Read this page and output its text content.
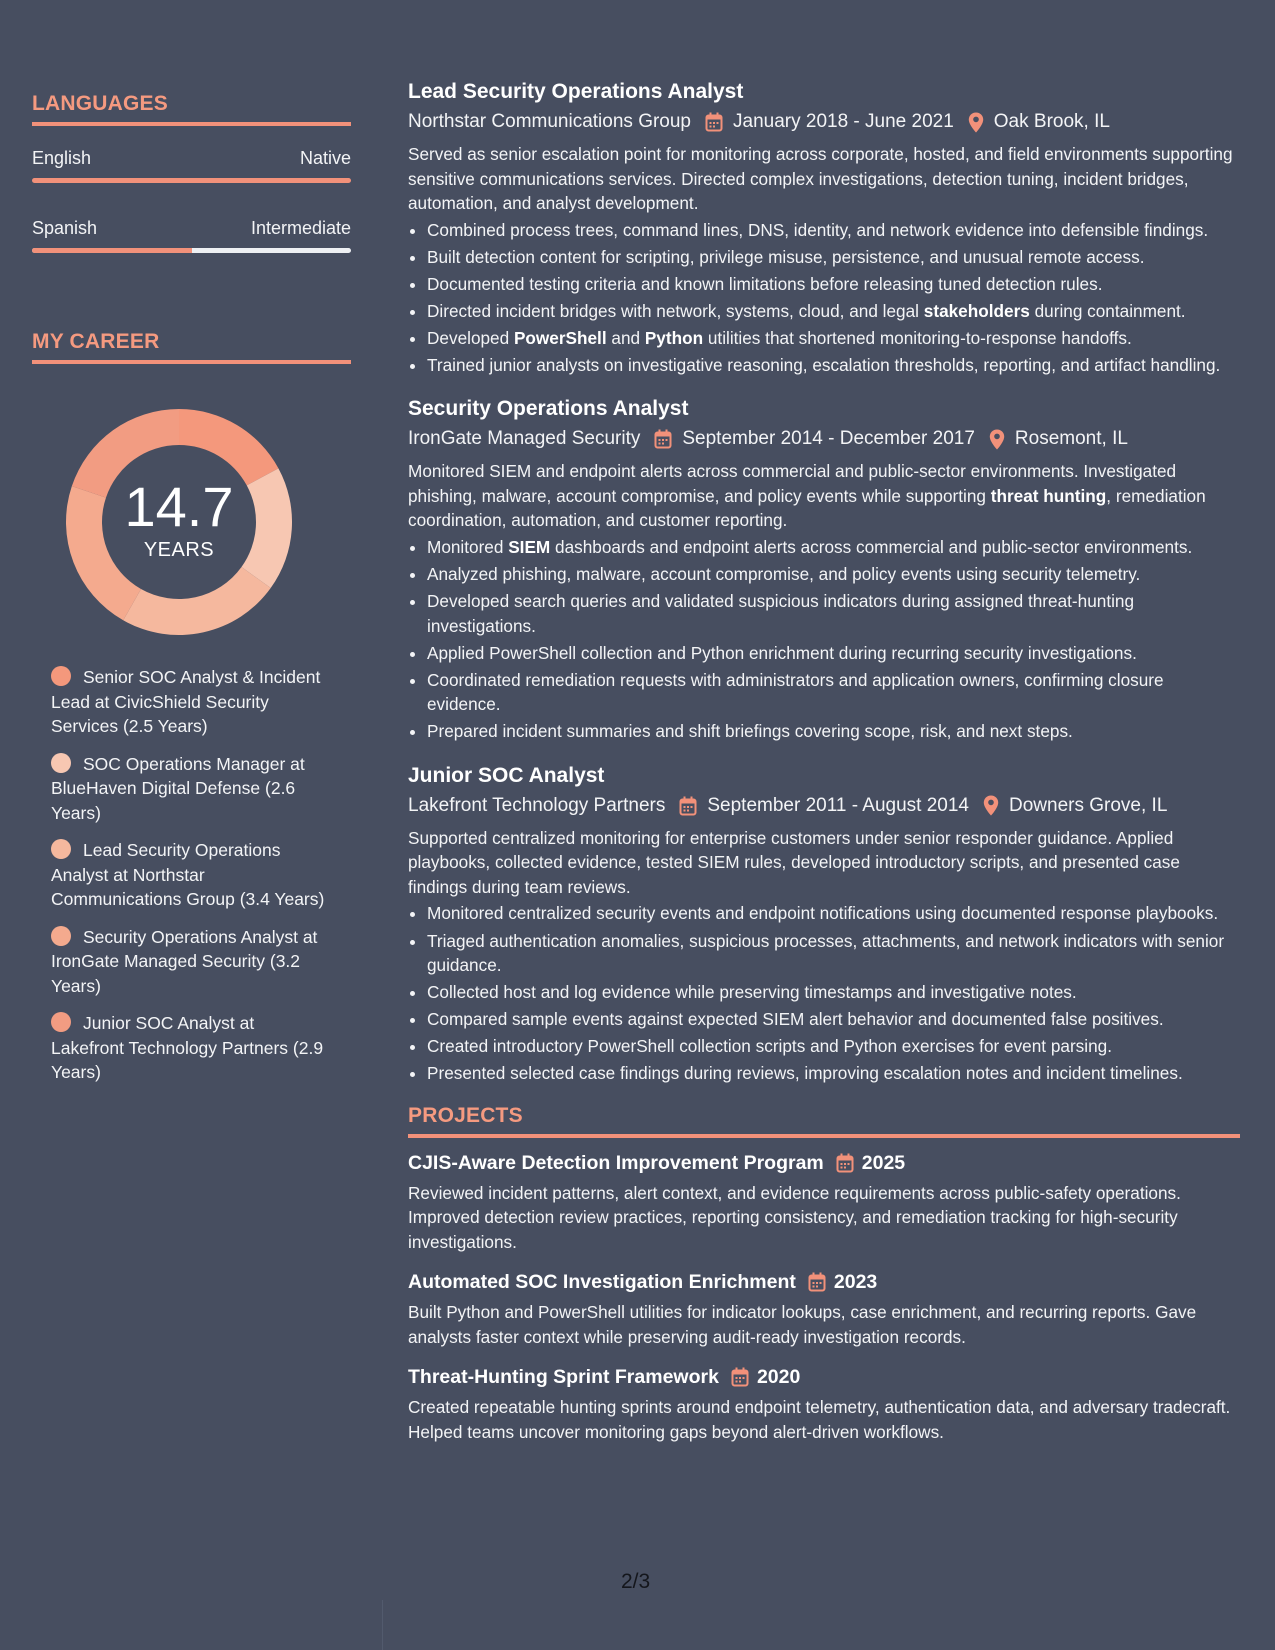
LANGUAGES
English	Native
Spanish	Intermediate
MY CAREER
14.7
YEARS
Senior SOC Analyst & Incident Lead at CivicShield Security Services (2.5 Years)
SOC Operations Manager at BlueHaven Digital Defense (2.6 Years)
Lead Security Operations Analyst at Northstar Communications Group (3.4 Years)
Security Operations Analyst at IronGate Managed Security (3.2 Years)
Junior SOC Analyst at Lakefront Technology Partners (2.9 Years)
Lead Security Operations Analyst
Northstar Communications Group January 2018 - June 2021 Oak Brook, IL
Served as senior escalation point for monitoring across corporate, hosted, and field environments supporting sensitive communications services. Directed complex investigations, detection tuning, incident bridges, automation, and analyst development.
• Combined process trees, command lines, DNS, identity, and network evidence into defensible findings.
• Built detection content for scripting, privilege misuse, persistence, and unusual remote access.
• Documented testing criteria and known limitations before releasing tuned detection rules.
• Directed incident bridges with network, systems, cloud, and legal stakeholders during containment.
• Developed PowerShell and Python utilities that shortened monitoring-to-response handoffs.
• Trained junior analysts on investigative reasoning, escalation thresholds, reporting, and artifact handling.
Security Operations Analyst
IronGate Managed Security September 2014 - December 2017 Rosemont, IL
Monitored SIEM and endpoint alerts across commercial and public-sector environments. Investigated phishing, malware, account compromise, and policy events while supporting threat hunting, remediation coordination, automation, and customer reporting.
• Monitored SIEM dashboards and endpoint alerts across commercial and public-sector environments.
• Analyzed phishing, malware, account compromise, and policy events using security telemetry.
• Developed search queries and validated suspicious indicators during assigned threat-hunting investigations.
• Applied PowerShell collection and Python enrichment during recurring security investigations.
• Coordinated remediation requests with administrators and application owners, confirming closure evidence.
• Prepared incident summaries and shift briefings covering scope, risk, and next steps.
Junior SOC Analyst
Lakefront Technology Partners September 2011 - August 2014 Downers Grove, IL
Supported centralized monitoring for enterprise customers under senior responder guidance. Applied playbooks, collected evidence, tested SIEM rules, developed introductory scripts, and presented case findings during team reviews.
• Monitored centralized security events and endpoint notifications using documented response playbooks.
• Triaged authentication anomalies, suspicious processes, attachments, and network indicators with senior guidance.
• Collected host and log evidence while preserving timestamps and investigative notes.
• Compared sample events against expected SIEM alert behavior and documented false positives.
• Created introductory PowerShell collection scripts and Python exercises for event parsing.
• Presented selected case findings during reviews, improving escalation notes and incident timelines.
PROJECTS
CJIS-Aware Detection Improvement Program 2025
Reviewed incident patterns, alert context, and evidence requirements across public-safety operations. Improved detection review practices, reporting consistency, and remediation tracking for high-security investigations.
Automated SOC Investigation Enrichment 2023
Built Python and PowerShell utilities for indicator lookups, case enrichment, and recurring reports. Gave analysts faster context while preserving audit-ready investigation records.
Threat-Hunting Sprint Framework 2020
Created repeatable hunting sprints around endpoint telemetry, authentication data, and adversary tradecraft. Helped teams uncover monitoring gaps beyond alert-driven workflows.
2/3
